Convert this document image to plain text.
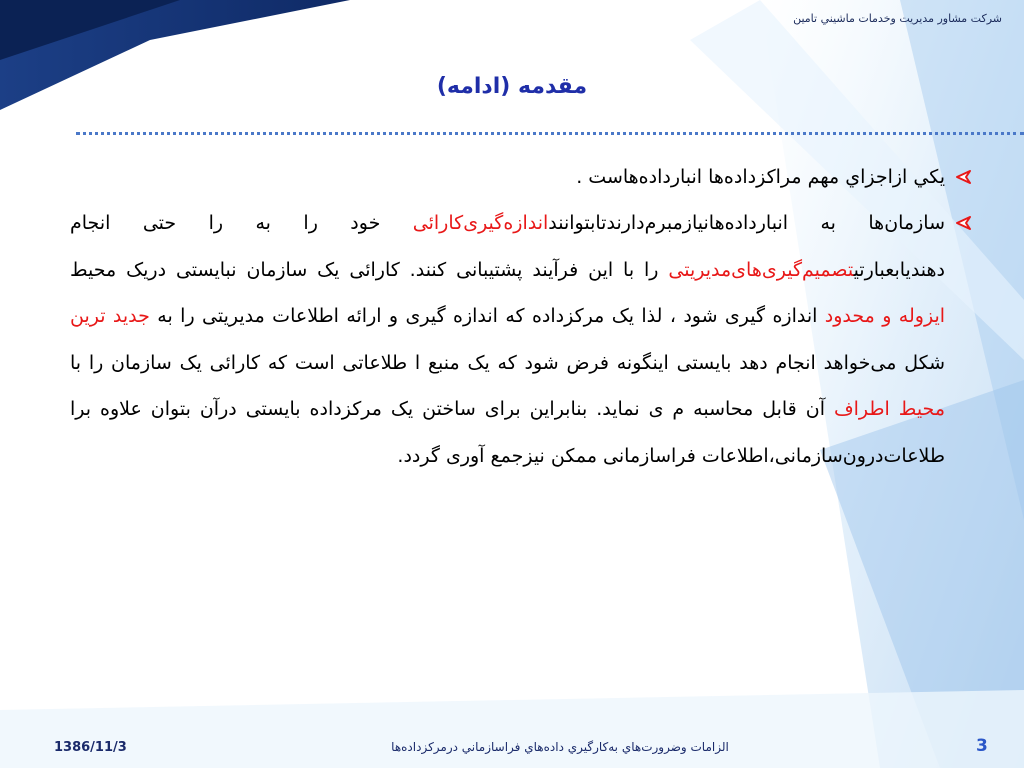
شركت مشاور مديريت وخدمات ماشيني تامين
مقدمه (ادامه)
يكي ازاجزاي مهم مراكزداده‌ها انبارداده‌هاست .
سازمان‌ها به انبارداده‌هانیازمبرم‌دارندتابتواننداندازه‌گیری‌کارائی خود را به را حتی انجام دهندیابعبارتیتصمیم‌گیری‌های‌مدیریتی را با این فرآیند پشتیبانی کنند. کارائی یک سازمان نبایستی دریک محیط ایزوله و محدود اندازه گیری شود ، لذا یک مرکزداده که اندازه گیری و ارائه اطلاعات مدیریتی را به جدید ترین شکل می‌خواهد انجام دهد بایستی اینگونه فرض شود که یک منبع ا طلاعاتی است که کارائی یک سازمان را با محیط اطراف آن قابل محاسبه م ی نماید. بنابراین برای ساختن یک مرکزداده بایستی درآن بتوان علاوه برا طلاعات‌درون‌سازمانی،اطلاعات فراسازمانی ممکن نیزجمع آوری گردد.
1386/11/3	الزامات وضرورت‌هاي به‌كارگيري داده‌هاي فراسازماني درمركزداده‌ها	3
